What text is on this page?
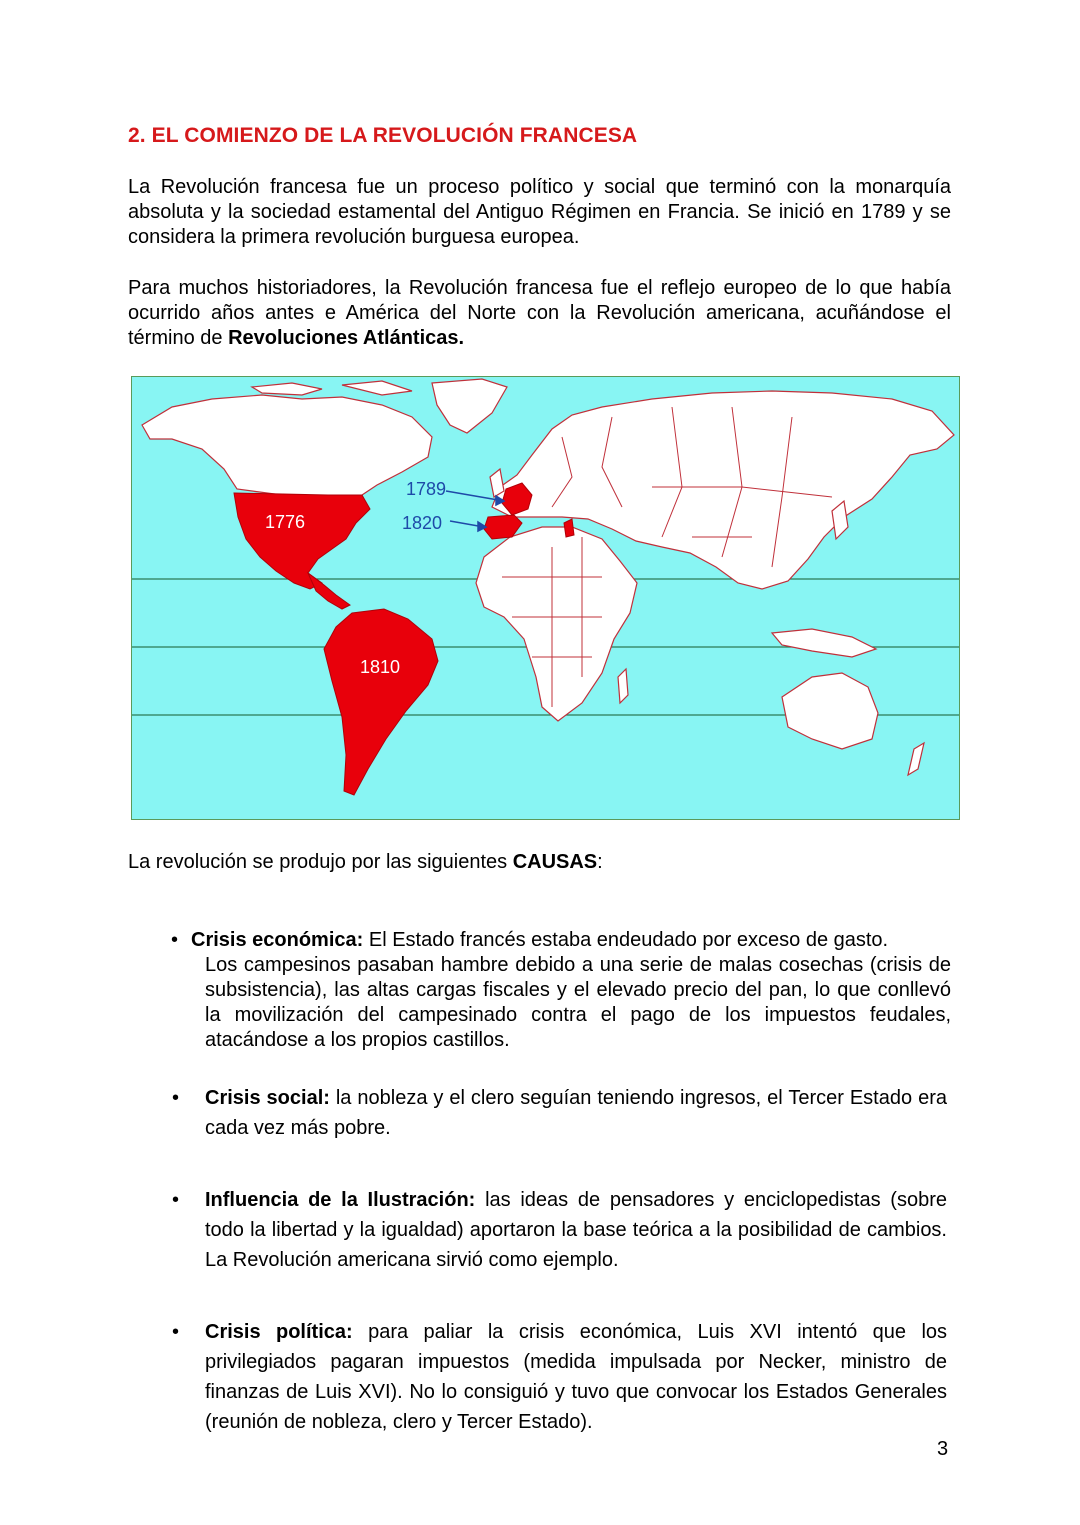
2. EL COMIENZO DE LA REVOLUCIÓN FRANCESA

La Revolución francesa fue un proceso político y social que terminó con la monarquía absoluta y la sociedad estamental del Antiguo Régimen en Francia. Se inició en 1789 y se considera la primera revolución burguesa europea.

Para muchos historiadores, la Revolución francesa fue el reflejo europeo de lo que había ocurrido años antes e América del Norte con la Revolución americana, acuñándose el término de Revoluciones Atlánticas.

1789
1820
1776
1810

La revolución se produjo por las siguientes CAUSAS:

• Crisis económica: El Estado francés estaba endeudado por exceso de gasto.
Los campesinos pasaban hambre debido a una serie de malas cosechas (crisis de subsistencia), las altas cargas fiscales y el elevado precio del pan, lo que conllevó la movilización del campesinado contra el pago de los impuestos feudales, atacándose a los propios castillos.
• Crisis social: la nobleza y el clero seguían teniendo ingresos, el Tercer Estado era cada vez más pobre.
• Influencia de la Ilustración: las ideas de pensadores y enciclopedistas (sobre todo la libertad y la igualdad) aportaron la base teórica a la posibilidad de cambios. La Revolución americana sirvió como ejemplo.
• Crisis política: para paliar la crisis económica, Luis XVI intentó que los privilegiados pagaran impuestos (medida impulsada por Necker, ministro de finanzas de Luis XVI). No lo consiguió y tuvo que convocar los Estados Generales (reunión de nobleza, clero y Tercer Estado).
3
